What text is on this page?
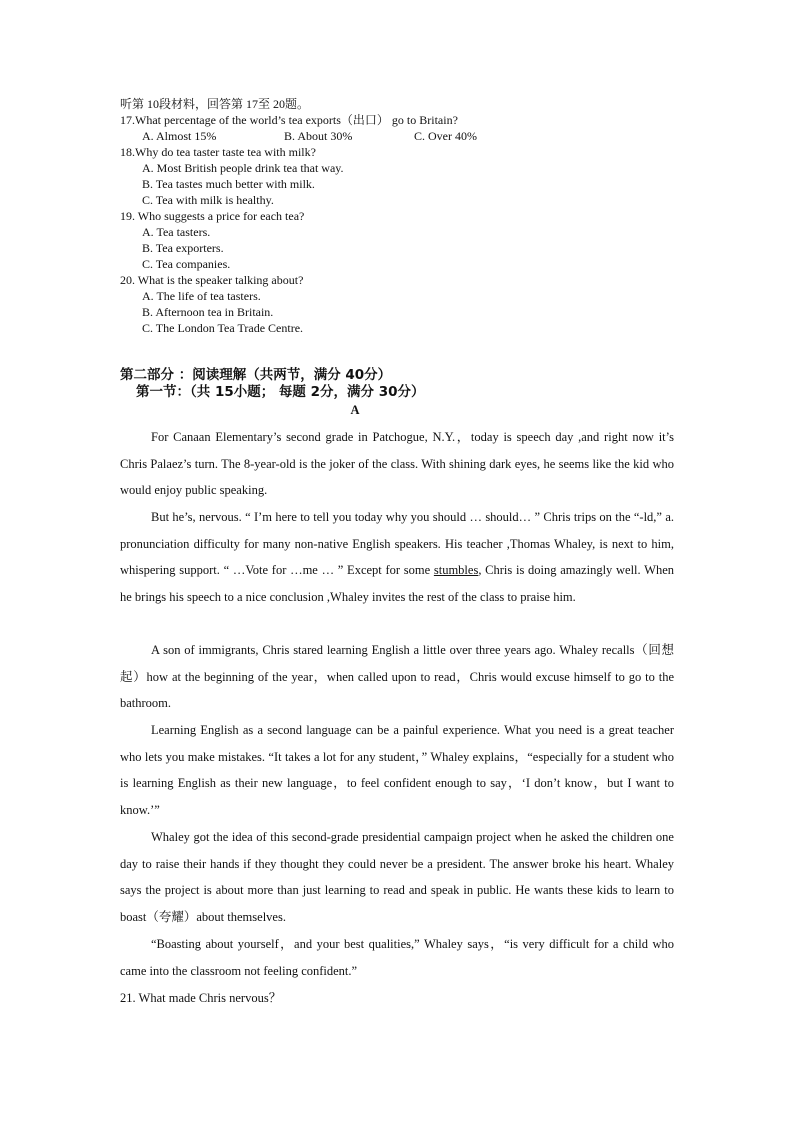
听第 10段材料，回答第 17至 20题。
17.What percentage of the world’s tea exports（出口） go to Britain?
A. Almost 15%	B. About 30%	C. Over 40%
18.Why do tea taster taste tea with milk?
A. Most British people drink tea that way.
B. Tea tastes much better with milk.
C. Tea with milk is healthy.
19. Who suggests a price for each tea?
A. Tea tasters.
B. Tea exporters.
C. Tea companies.
20. What is the speaker talking about?
A. The life of tea tasters.
B. Afternoon tea in Britain.
C. The London Tea Trade Centre.
第二部分 ：阅读理解（共两节，满分 40分）
第一节：（共 15小题； 每题 2分，满分 30分）
A

For Canaan Elementary’s second grade in Patchogue, N.Y.，today is speech day ,and right now it’s Chris Palaez’s turn. The 8-year-old is the joker of the class. With shining dark eyes, he seems like the kid who would enjoy public speaking.

But he’s, nervous. “ I’m here to tell you today why you should … should… ” Chris trips on the “-ld,” a. pronunciation difficulty for many non-native English speakers. His teacher ,Thomas Whaley, is next to him, whispering support. “ …Vote for …me … ” Except for some stumbles, Chris is doing amazingly well. When he brings his speech to a nice conclusion ,Whaley invites the rest of the class to praise him.

A son of immigrants, Chris stared learning English a little over three years ago. Whaley recalls（回想起）how at the beginning of the year，when called upon to read，Chris would excuse himself to go to the bathroom.

Learning English as a second language can be a painful experience. What you need is a great teacher who lets you make mistakes. “It takes a lot for any student，” Whaley explains，“especially for a student who is learning English as their new language，to feel confident enough to say，‘I don’t know，but I want to know.’”

Whaley got the idea of this second-grade presidential campaign project when he asked the children one day to raise their hands if they thought they could never be a president. The answer broke his heart. Whaley says the project is about more than just learning to read and speak in public. He wants these kids to learn to boast（夸耀）about themselves.

“Boasting about yourself，and your best qualities,” Whaley says，“is very difficult for a child who came into the classroom not feeling confident.”

21. What made Chris nervous？
